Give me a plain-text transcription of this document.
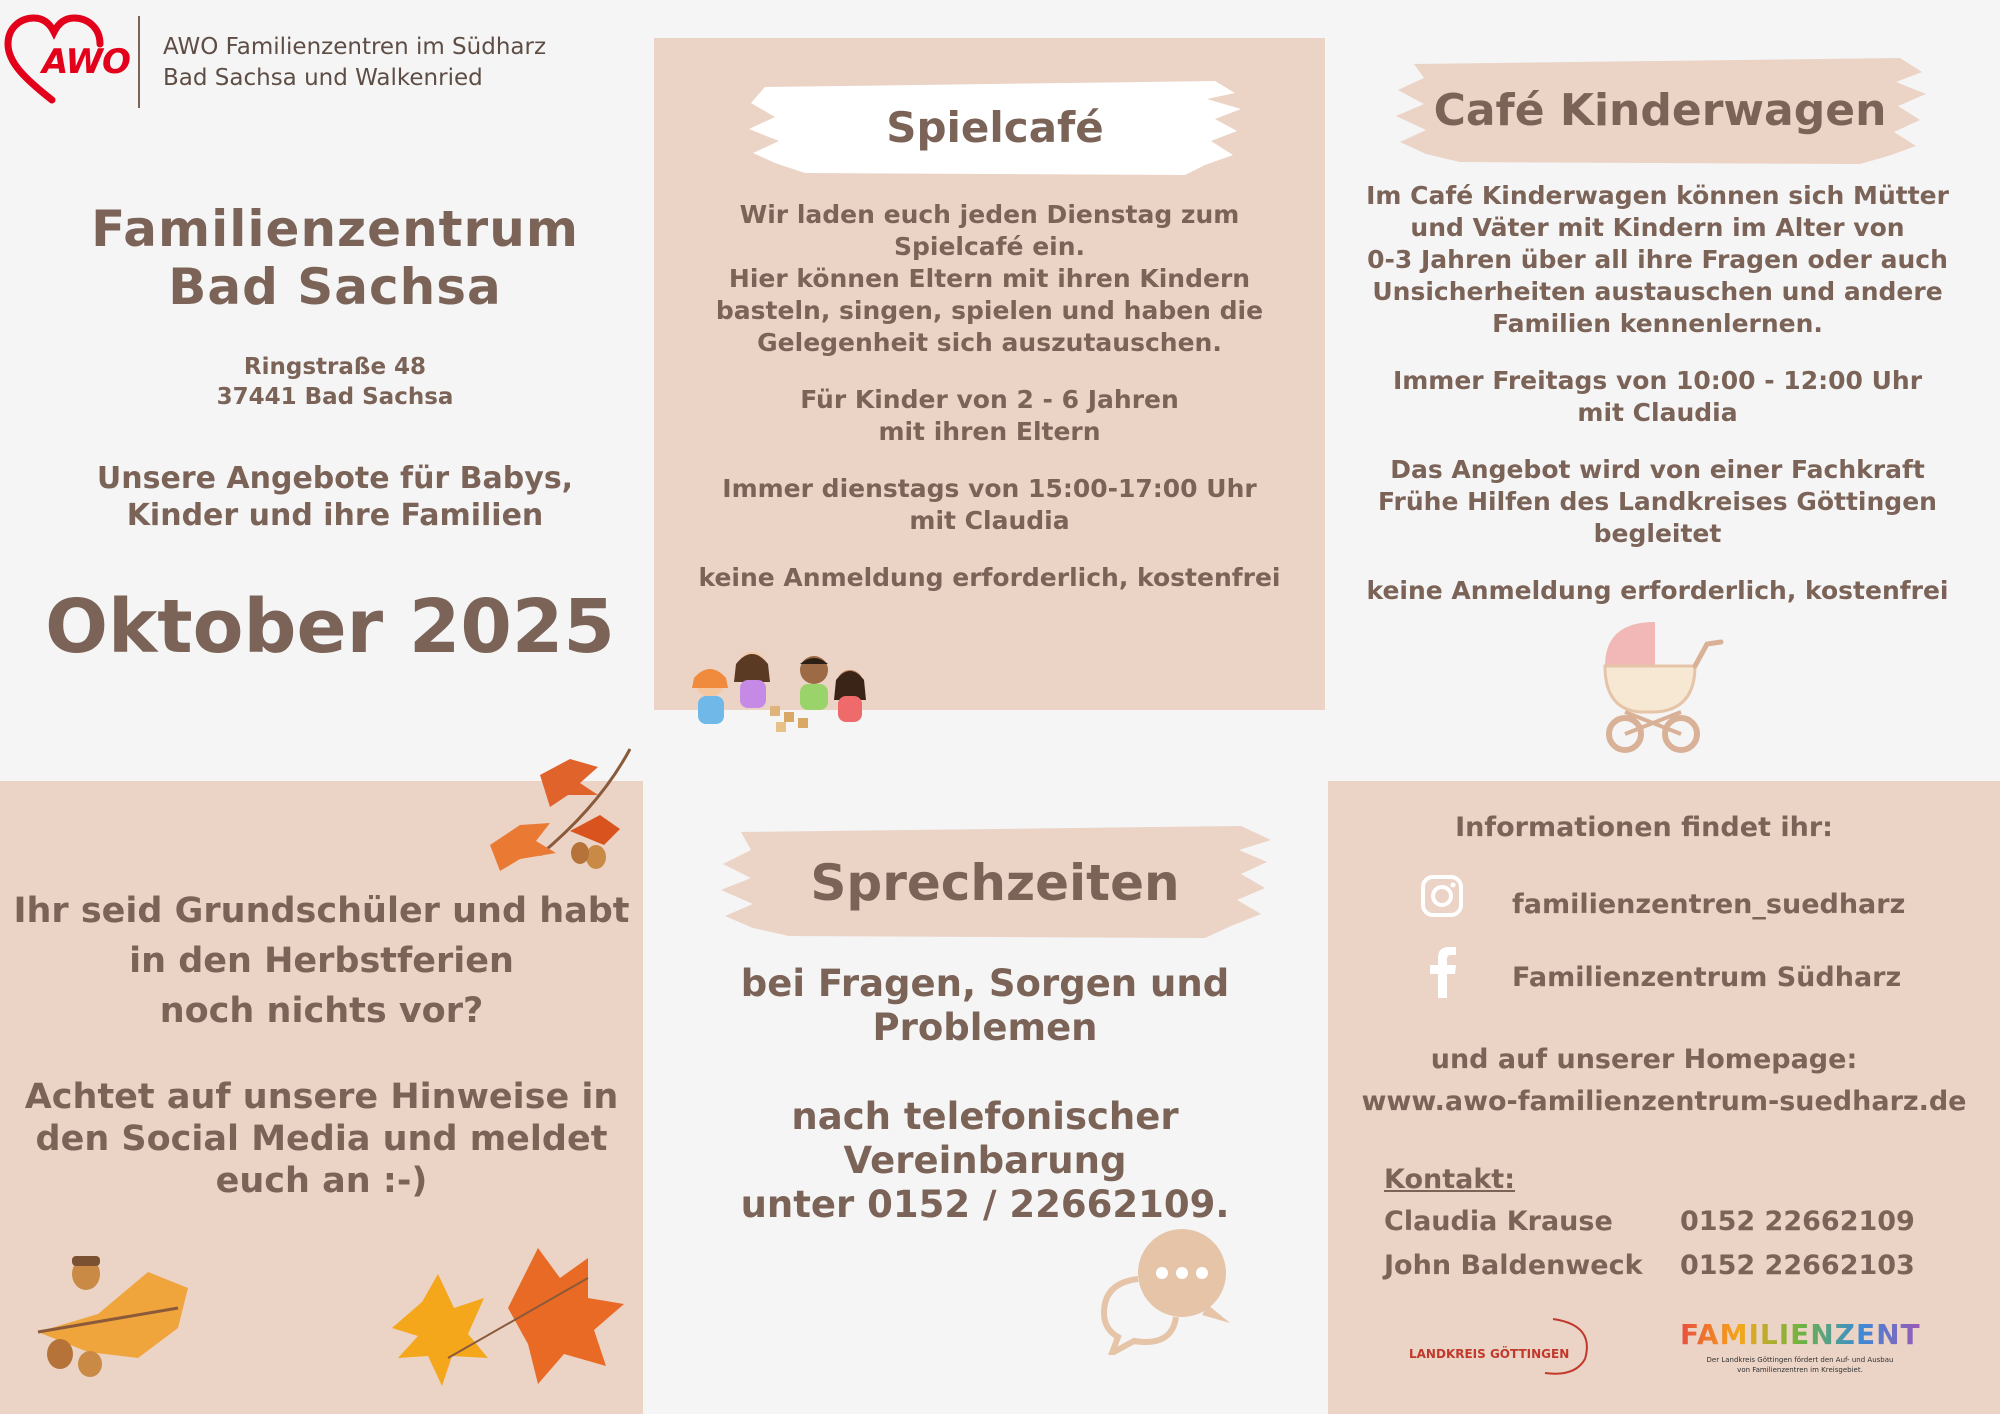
AWO AWO Familienzentren im Südharz
Bad Sachsa und Walkenried
Familienzentrum
Bad Sachsa
Ringstraße 48
37441 Bad Sachsa
Unsere Angebote für Babys,
Kinder und ihre Familien
Oktober 2025
Spielcafé
Wir laden euch jeden Dienstag zum
Spielcafé ein.
Hier können Eltern mit ihren Kindern
basteln, singen, spielen und haben die
Gelegenheit sich auszutauschen.
Für Kinder von 2 - 6 Jahren
mit ihren Eltern
Immer dienstags von 15:00-17:00 Uhr
mit Claudia
keine Anmeldung erforderlich, kostenfrei
Café Kinderwagen
Im Café Kinderwagen können sich Mütter
und Väter mit Kindern im Alter von
0-3 Jahren über all ihre Fragen oder auch
Unsicherheiten austauschen und andere
Familien kennenlernen.
Immer Freitags von 10:00 - 12:00 Uhr
mit Claudia
Das Angebot wird von einer Fachkraft
Frühe Hilfen des Landkreises Göttingen
begleitet
keine Anmeldung erforderlich, kostenfrei
Ihr seid Grundschüler und habt
in den Herbstferien
noch nichts vor?
Achtet auf unsere Hinweise in
den Social Media und meldet
euch an :-)
Sprechzeiten
bei Fragen, Sorgen und
Problemen
nach telefonischer
Vereinbarung
unter 0152 / 22662109.
Informationen findet ihr:
familienzentren_suedharz
Familienzentrum Südharz
und auf unserer Homepage:
www.awo-familienzentrum-suedharz.de
Kontakt:
Claudia Krause 0152 22662109
John Baldenweck 0152 22662103
LANDKREIS GÖTTINGEN
FAMILIENZENTREN
Der Landkreis Göttingen fördert den Auf- und Ausbau
von Familienzentren im Kreisgebiet.
